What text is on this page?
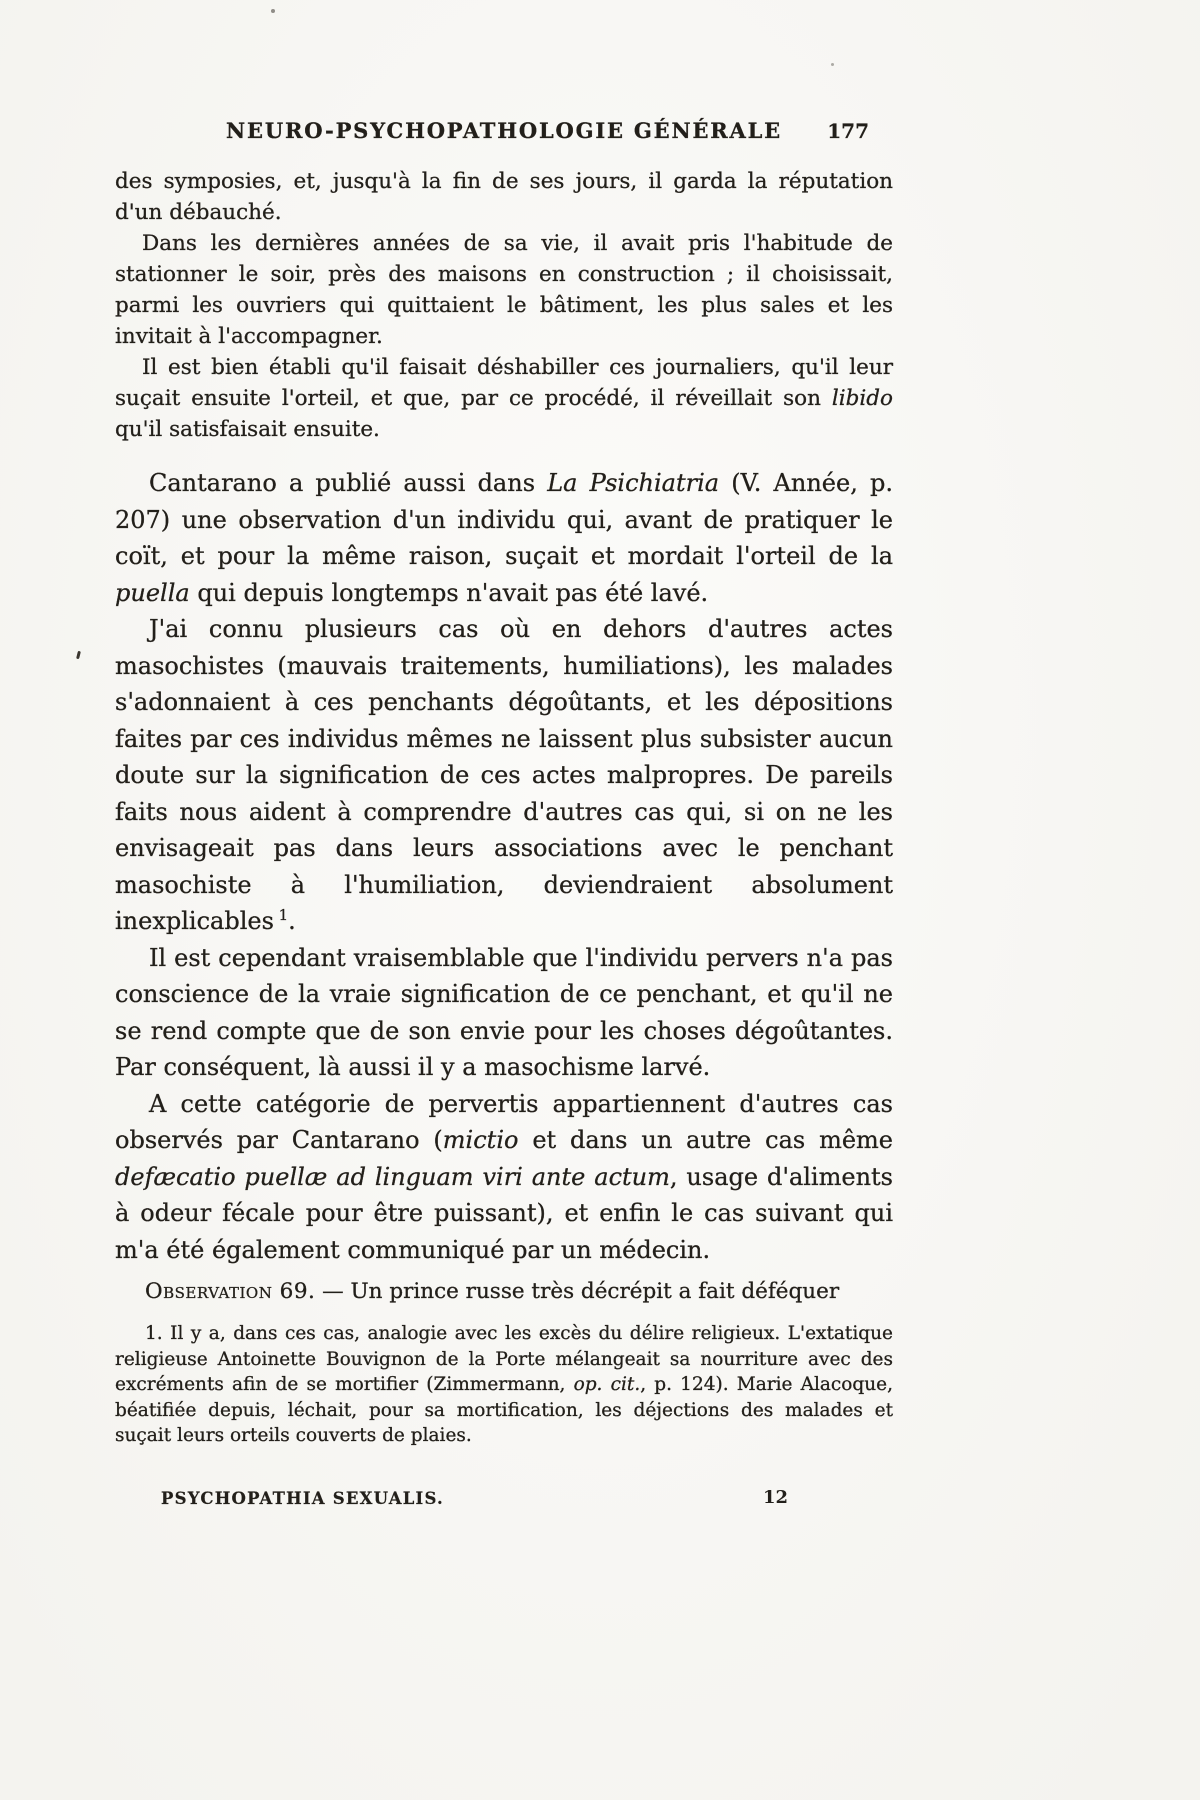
NEURO-PSYCHOPATHOLOGIE GÉNÉRALE 177

des symposies, et, jusqu'à la fin de ses jours, il garda la réputation d'un débauché.

Dans les dernières années de sa vie, il avait pris l'habitude de stationner le soir, près des maisons en construction ; il choisissait, parmi les ouvriers qui quittaient le bâtiment, les plus sales et les invitait à l'accompagner.

Il est bien établi qu'il faisait déshabiller ces journaliers, qu'il leur suçait ensuite l'orteil, et que, par ce procédé, il réveillait son libido qu'il satisfaisait ensuite.

Cantarano a publié aussi dans La Psichiatria (V. Année, p. 207) une observation d'un individu qui, avant de pratiquer le coït, et pour la même raison, suçait et mordait l'orteil de la puella qui depuis longtemps n'avait pas été lavé.

J'ai connu plusieurs cas où en dehors d'autres actes masochistes (mauvais traitements, humiliations), les malades s'adonnaient à ces penchants dégoûtants, et les dépositions faites par ces individus mêmes ne laissent plus subsister aucun doute sur la signification de ces actes malpropres. De pareils faits nous aident à comprendre d'autres cas qui, si on ne les envisageait pas dans leurs associations avec le penchant masochiste à l'humiliation, deviendraient absolument inexplicables $^1$.

Il est cependant vraisemblable que l'individu pervers n'a pas conscience de la vraie signification de ce penchant, et qu'il ne se rend compte que de son envie pour les choses dégoûtantes. Par conséquent, là aussi il y a masochisme larvé.

A cette catégorie de pervertis appartiennent d'autres cas observés par Cantarano (mictio et dans un autre cas même defæcatio puellæ ad linguam viri ante actum, usage d'aliments à odeur fécale pour être puissant), et enfin le cas suivant qui m'a été également communiqué par un médecin.

Observation 69. — Un prince russe très décrépit a fait déféquer

1. Il y a, dans ces cas, analogie avec les excès du délire religieux. L'extatique religieuse Antoinette Bouvignon de la Porte mélangeait sa nourriture avec des excréments afin de se mortifier (Zimmermann, op. cit., p. 124). Marie Alacoque, béatifiée depuis, léchait, pour sa mortification, les déjections des malades et suçait leurs orteils couverts de plaies.

PSYCHOPATHIA SEXUALIS.	12
